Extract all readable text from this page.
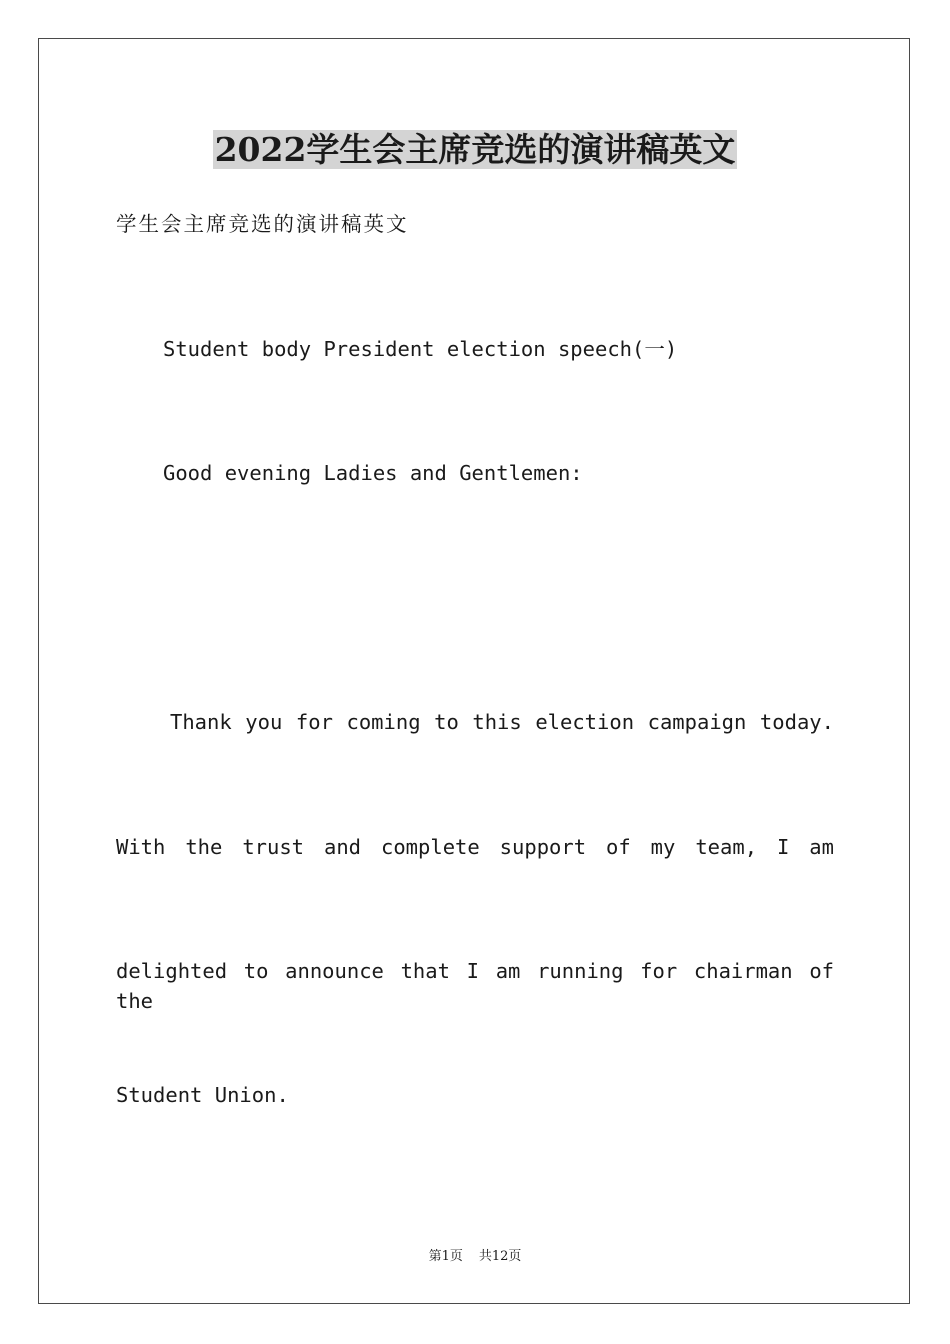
2022学生会主席竞选的演讲稿英文

学生会主席竞选的演讲稿英文

Student body President election speech(一)

Good evening Ladies and Gentlemen:

Thank you for coming to this election campaign today.

With the trust and complete support of my team, I am

delighted to announce that I am running for chairman of the

Student Union.

第1页 共12页
